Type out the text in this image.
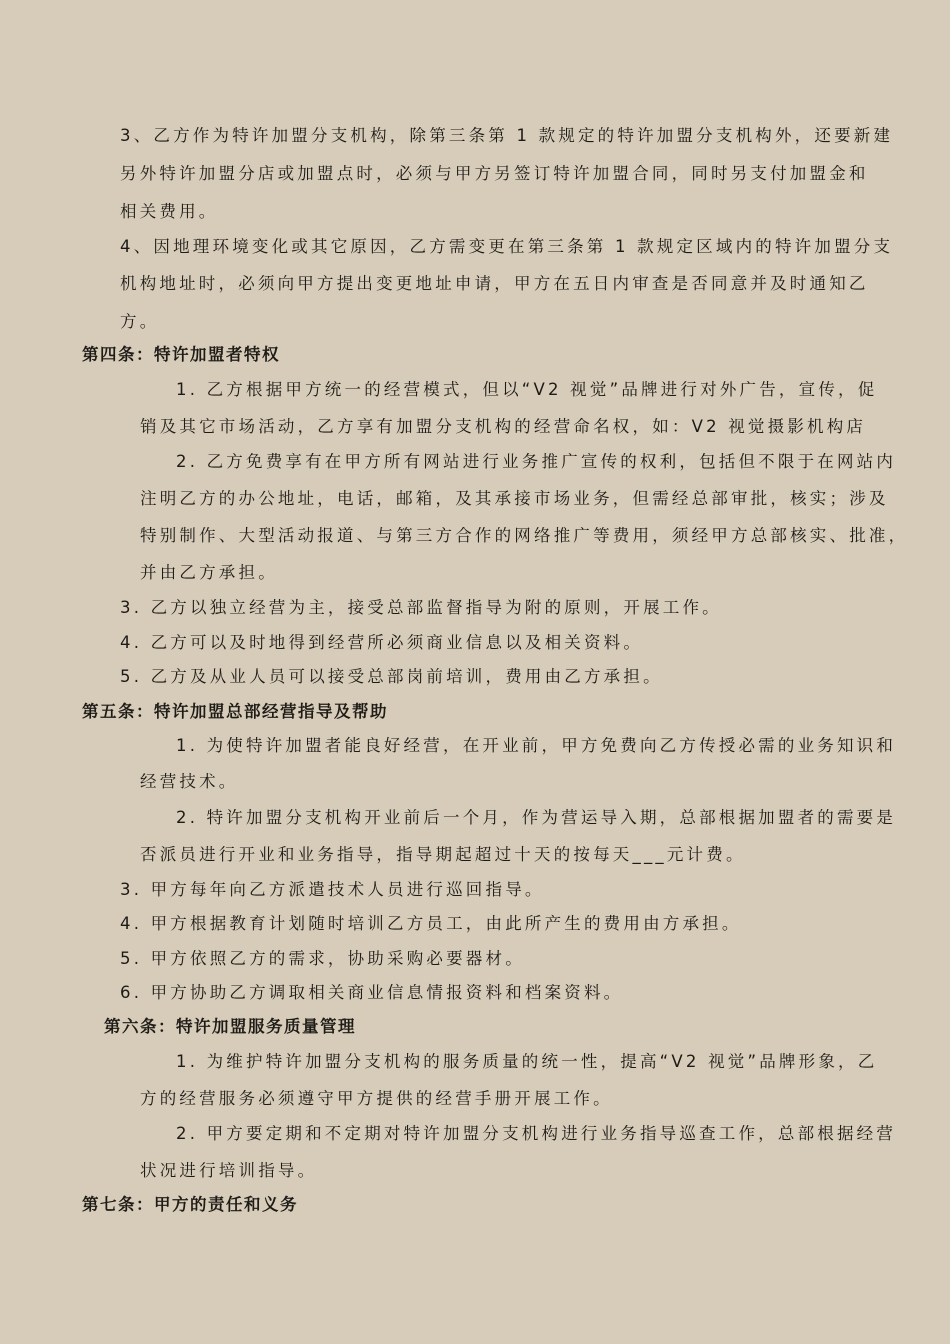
3、乙方作为特许加盟分支机构，除第三条第 1 款规定的特许加盟分支机构外，还要新建
另外特许加盟分店或加盟点时，必须与甲方另签订特许加盟合同，同时另支付加盟金和
相关费用。
4、因地理环境变化或其它原因，乙方需变更在第三条第 1 款规定区域内的特许加盟分支
机构地址时，必须向甲方提出变更地址申请，甲方在五日内审查是否同意并及时通知乙
方。
第四条：特许加盟者特权
1. 乙方根据甲方统一的经营模式，但以“V2 视觉”品牌进行对外广告，宣传，促
销及其它市场活动，乙方享有加盟分支机构的经营命名权，如：V2 视觉摄影机构店
2. 乙方免费享有在甲方所有网站进行业务推广宣传的权利，包括但不限于在网站内
注明乙方的办公地址，电话，邮箱，及其承接市场业务，但需经总部审批，核实；涉及
特别制作、大型活动报道、与第三方合作的网络推广等费用，须经甲方总部核实、批准，
并由乙方承担。
3. 乙方以独立经营为主，接受总部监督指导为附的原则，开展工作。
4. 乙方可以及时地得到经营所必须商业信息以及相关资料。
5. 乙方及从业人员可以接受总部岗前培训，费用由乙方承担。
第五条：特许加盟总部经营指导及帮助
1. 为使特许加盟者能良好经营，在开业前，甲方免费向乙方传授必需的业务知识和
经营技术。
2. 特许加盟分支机构开业前后一个月，作为营运导入期，总部根据加盟者的需要是
否派员进行开业和业务指导，指导期起超过十天的按每天___元计费。
3. 甲方每年向乙方派遣技术人员进行巡回指导。
4. 甲方根据教育计划随时培训乙方员工，由此所产生的费用由方承担。
5. 甲方依照乙方的需求，协助采购必要器材。
6. 甲方协助乙方调取相关商业信息情报资料和档案资料。
第六条：特许加盟服务质量管理
1. 为维护特许加盟分支机构的服务质量的统一性，提高“V2 视觉”品牌形象，乙
方的经营服务必须遵守甲方提供的经营手册开展工作。
2. 甲方要定期和不定期对特许加盟分支机构进行业务指导巡查工作，总部根据经营
状况进行培训指导。
第七条：甲方的责任和义务
